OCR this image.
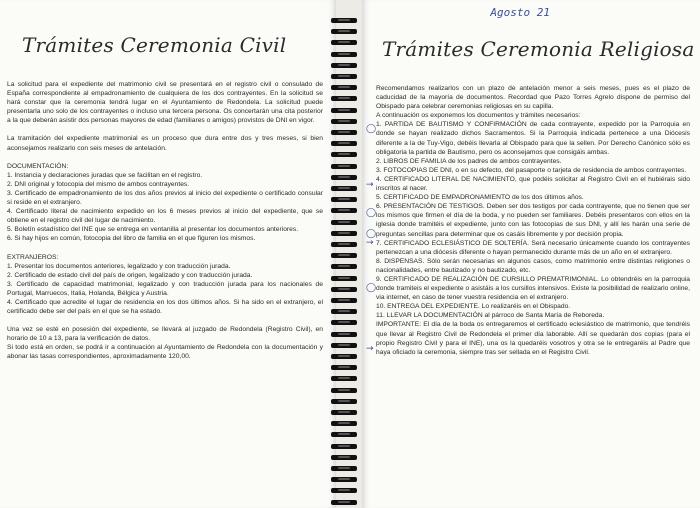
Trámites Ceremonia Civil

La solicitud para el expediente del matrimonio civil se presentará en el registro civil o consulado de España correspondiente al empadronamiento de cualquiera de los dos contrayentes. En la solicitud se hará constar que la ceremonia tendrá lugar en el Ayuntamiento de Redondela. La solicitud puede presentarla uno solo de los contrayentes o incluso una tercera persona. Os concertarán una cita posterior a la que deberán asistir dos personas mayores de edad (familiares o amigos) provistos de DNI en vigor.

La tramitación del expediente matrimonial es un proceso que dura entre dos y tres meses, si bien aconsejamos realizarlo con seis meses de antelación.

DOCUMENTACIÓN:

1. Instancia y declaraciones juradas que se facilitan en el registro.

2. DNI original y fotocopia del mismo de ambos contrayentes.

3. Certificado de empadronamiento de los dos años previos al inicio del expediente o certificado consular si reside en el extranjero.

4. Certificado literal de nacimiento expedido en los 6 meses previos al inicio del expediente, que se obtiene en el registro civil del lugar de nacimiento.

5. Boletín estadístico del INE que se entrega en ventanilla al presentar los documentos anteriores.

6. Si hay hijos en común, fotocopia del libro de familia en el que figuren los mismos.

EXTRANJEROS:

1. Presentar los documentos anteriores, legalizado y con traducción jurada.

2. Certificado de estado civil del país de origen, legalizado y con traducción jurada.

3. Certificado de capacidad matrimonial, legalizado y con traducción jurada para los nacionales de Portugal, Marruecos, Italia, Holanda, Bélgica y Austria.

4. Certificado que acredite el lugar de residencia en los dos últimos años. Si ha sido en el extranjero, el certificado debe ser del país en el que se ha estado.

Una vez se esté en posesión del expediente, se llevará al juzgado de Redondela (Registro Civil), en horario de 10 a 13, para la verificación de datos.

Si todo está en orden, se podrá ir a continuación al Ayuntamiento de Redondela con la documentación y abonar las tasas correspondientes, aproximadamente 120,00.

Agosto 21
Trámites Ceremonia Religiosa

Recomendamos realizarlos con un plazo de antelación menor a seis meses, pues es el plazo de caducidad de la mayoría de documentos. Recordad que Pazo Torres Agrelo dispone de permiso del Obispado para celebrar ceremonias religiosas en su capilla.

A continuación os exponemos los documentos y trámites necesarios:

1. PARTIDA DE BAUTISMO Y CONFIRMACIÓN de cada contrayente, expedido por la Parroquia en donde se hayan realizado dichos Sacramentos. Si la Parroquia indicada pertenece a una Diócesis diferente a la de Tuy-Vigo, debéis llevarla al Obispado para que la sellen. Por Derecho Canónico sólo es obligatoria la partida de Bautismo, pero os aconsejamos que consigáis ambas.

2. LIBROS DE FAMILIA de los padres de ambos contrayentes.

3. FOTOCOPIAS DE DNI, o en su defecto, del pasaporte o tarjeta de residencia de ambos contrayentes.

4. CERTIFICADO LITERAL DE NACIMIENTO, que podéis solicitar al Registro Civil en el hubiérais sido inscritos al nacer.

5. CERTIFICADO DE EMPADRONAMIENTO de los dos últimos años.

6. PRESENTACIÓN DE TESTIGOS. Deben ser dos testigos por cada contrayente, que no tienen que ser los mismos que firmen el día de la boda, y no pueden ser familiares. Debéis presentaros con ellos en la iglesia donde tramitéis el expediente, junto con las fotocopias de sus DNI, y allí les harán una serie de preguntas sencillas para determinar que os casáis libremente y por decisión propia.

7. CERTIFICADO ECLESIÁSTICO DE SOLTERÍA. Será necesario únicamente cuando los contrayentes pertenezcan a una diócesis diferente o hayan permanecido durante más de un año en el extranjero.

8. DISPENSAS. Sólo serán necesarias en algunos casos, como matrimonio entre distintas religiones o nacionalidades, entre bautizado y no bautizado, etc.

9. CERTIFICADO DE REALIZACIÓN DE CURSILLO PREMATRIMONIAL. Lo obtendréis en la parroquia donde tramiteis el expediente o asistáis a los cursillos intensivos. Existe la posibilidad de realizarlo online, via internet, en caso de tener vuestra residencia en el extranjero.

10. ENTREGA DEL EXPEDIENTE. Lo realizaréis en el Obispado.

11. LLEVAR LA DOCUMENTACIÓN al párroco de Santa María de Reboreda.

IMPORTANTE: El día de la boda os entregaremos el certificado eclesiástico de matrimonio, que tendréis que llevar al Registro Civil de Redondela el primer día laborable. Allí se quedarán dos copias (para el propio Registro Civil y para el INE), una os la quedaréis vosotros y otra se le entregaréis al Padre que haya oficiado la ceremonia, siempre tras ser sellada en el Registro Civil.

◯
→
◯
◯
→
◯
→
